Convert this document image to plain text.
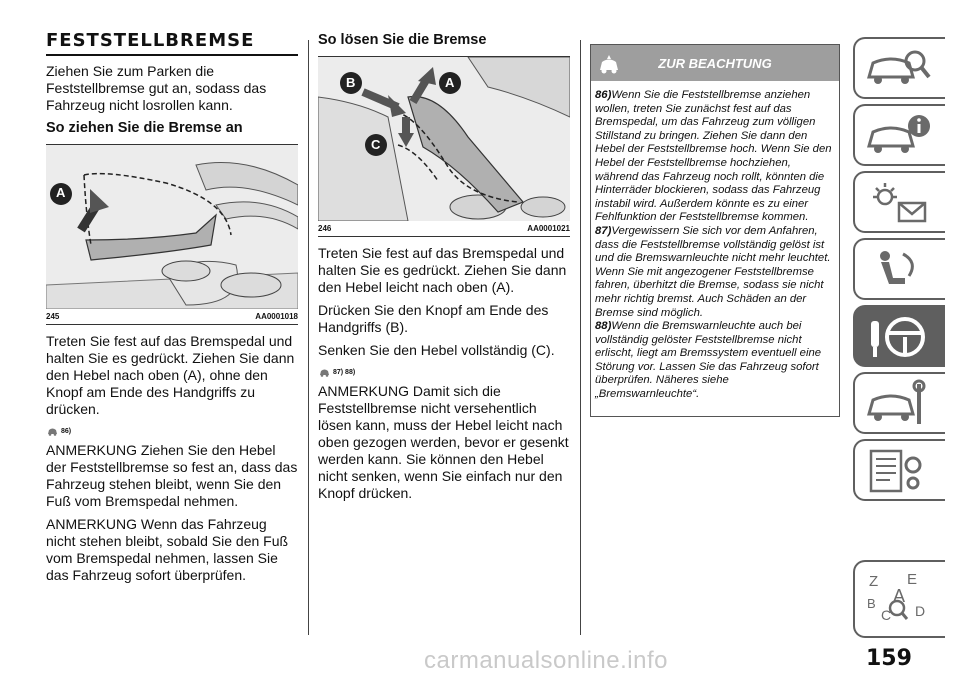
FESTSTELLBREMSE

Ziehen Sie zum Parken die Feststellbremse gut an, sodass das Fahrzeug nicht losrollen kann.

So ziehen Sie die Bremse an
A
245	AA0001018

Treten Sie fest auf das Bremspedal und halten Sie es gedrückt. Ziehen Sie dann den Hebel nach oben (A), ohne den Knopf am Ende des Handgriffs zu drücken.

86)

ANMERKUNG Ziehen Sie den Hebel der Feststellbremse so fest an, dass das Fahrzeug stehen bleibt, wenn Sie den Fuß vom Bremspedal nehmen.

ANMERKUNG Wenn das Fahrzeug nicht stehen bleibt, sobald Sie den Fuß vom Bremspedal nehmen, lassen Sie das Fahrzeug sofort überprüfen.

So lösen Sie die Bremse
A
B
C
246	AA0001021

Treten Sie fest auf das Bremspedal und halten Sie es gedrückt. Ziehen Sie dann den Hebel leicht nach oben (A).

Drücken Sie den Knopf am Ende des Handgriffs (B).

Senken Sie den Hebel vollständig (C).

87) 88)

ANMERKUNG Damit sich die Feststellbremse nicht versehentlich lösen kann, muss der Hebel leicht nach oben gezogen werden, bevor er gesenkt werden kann. Sie können den Hebel nicht senken, wenn Sie einfach nur den Knopf drücken.

ZUR BEACHTUNG

86)Wenn Sie die Feststellbremse anziehen wollen, treten Sie zunächst fest auf das Bremspedal, um das Fahrzeug zum völligen Stillstand zu bringen. Ziehen Sie dann den Hebel der Feststellbremse hoch. Wenn Sie den Hebel der Feststellbremse hochziehen, während das Fahrzeug noch rollt, könnten die Hinterräder blockieren, sodass das Fahrzeug instabil wird. Außerdem könnte es zu einer Fehlfunktion der Feststellbremse kommen.

87)Vergewissern Sie sich vor dem Anfahren, dass die Feststellbremse vollständig gelöst ist und die Bremswarnleuchte nicht mehr leuchtet. Wenn Sie mit angezogener Feststellbremse fahren, überhitzt die Bremse, sodass sie nicht mehr richtig bremst. Auch Schäden an der Bremse sind möglich.

88)Wenn die Bremswarnleuchte auch bei vollständig gelöster Feststellbremse nicht erlischt, liegt am Bremssystem eventuell eine Störung vor. Lassen Sie das Fahrzeug sofort überprüfen. Näheres siehe „Bremswarnleuchte“.

Z E
A
B
C D
carmanualsonline.info	159
